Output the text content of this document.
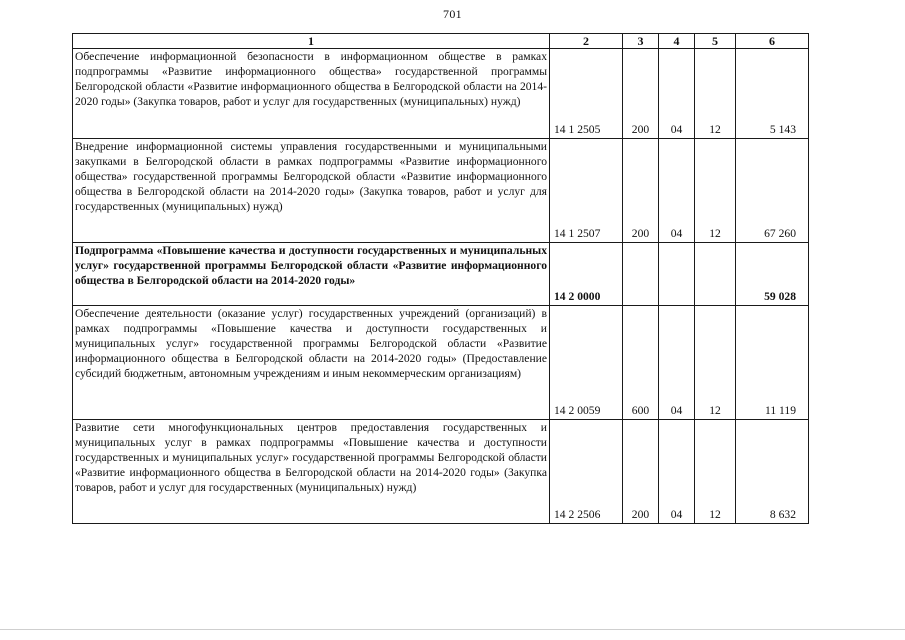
701
1	2	3	4	5	6
Обеспечение информационной безопасности в информационном обществе в рамках подпрограммы «Развитие информационного общества» государственной программы Белгородской области «Развитие информационного общества в Белгородской области на 2014-2020 годы» (Закупка товаров, работ и услуг для государственных (муниципальных) нужд)	14 1 2505	200	04	12	5 143
Внедрение информационной системы управления государственными и муниципальными закупками в Белгородской области в рамках подпрограммы «Развитие информационного общества» государственной программы Белгородской области «Развитие информационного общества в Белгородской области на 2014-2020 годы» (Закупка товаров, работ и услуг для государственных (муниципальных) нужд)	14 1 2507	200	04	12	67 260
Подпрограмма «Повышение качества и доступности государственных и муниципальных услуг» государственной программы Белгородской области «Развитие информационного общества в Белгородской области на 2014-2020 годы»	14 2 0000				59 028
Обеспечение деятельности (оказание услуг) государственных учреждений (организаций) в рамках подпрограммы «Повышение качества и доступности государственных и муниципальных услуг» государственной программы Белгородской области «Развитие информационного общества в Белгородской области на 2014-2020 годы» (Предоставление субсидий бюджетным, автономным учреждениям и иным некоммерческим организациям)	14 2 0059	600	04	12	11 119
Развитие сети многофункциональных центров предоставления государственных и муниципальных услуг в рамках подпрограммы «Повышение качества и доступности государственных и муниципальных услуг» государственной программы Белгородской области «Развитие информационного общества в Белгородской области на 2014-2020 годы» (Закупка товаров, работ и услуг для государственных (муниципальных) нужд)	14 2 2506	200	04	12	8 632
